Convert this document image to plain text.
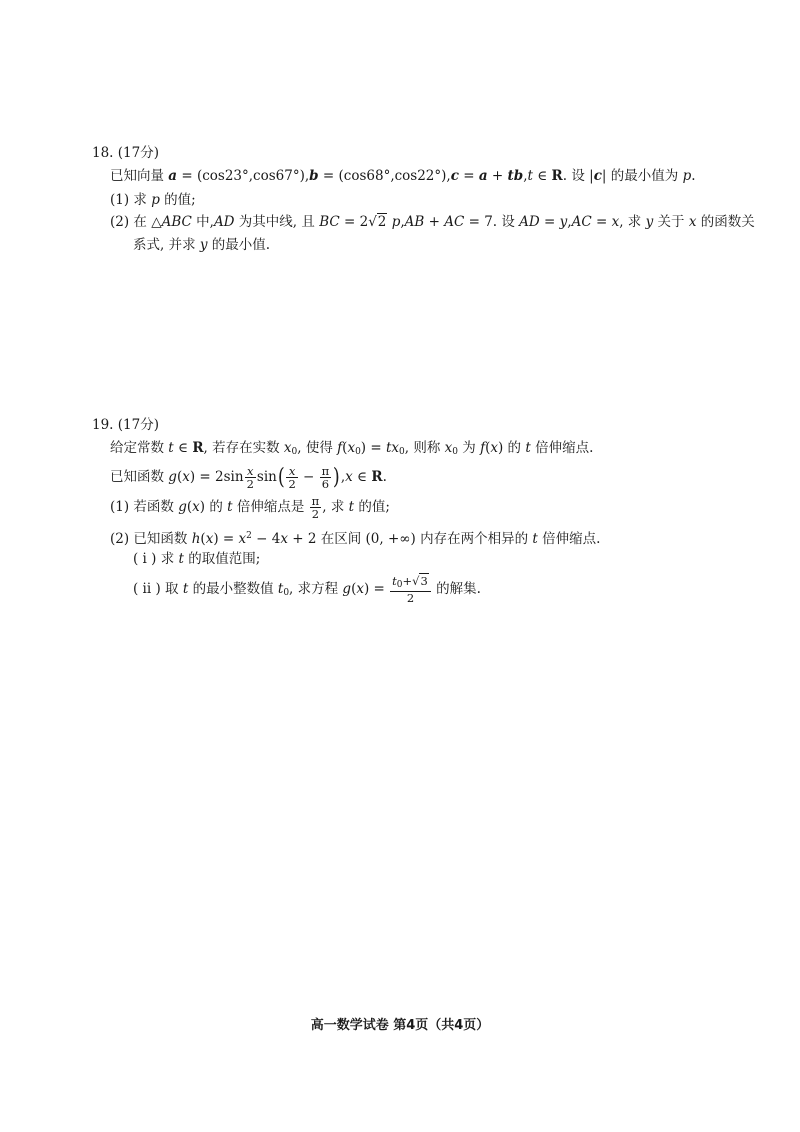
18. (17分)
已知向量 a = (cos23°,cos67°),b = (cos68°,cos22°),c = a + tb,t ∈ R. 设 |c| 的最小值为 p.
(1) 求 p 的值;
(2) 在 △ABC 中,AD 为其中线, 且 BC = 2√2 p,AB + AC = 7. 设 AD = y,AC = x, 求 y 关于 x 的函数关
系式, 并求 y 的最小值.
19. (17分)
给定常数 t ∈ R, 若存在实数 $x_0$, 使得 $f(x_0) = tx_0$, 则称 $x_0$ 为 f(x) 的 t 倍伸缩点.
已知函数 $g(x) = 2\sin \frac{x}{2} \sin( \frac{x}{2} - \frac{\pi}{6} ),x$ ∈ R.
(1) 若函数 g(x) 的 t 倍伸缩点是 $\frac{\pi}{2}$ , 求 t 的值;
(2) 已知函数 $h(x) = x^2 - 4x + 2$ 在区间 (0, +∞) 内存在两个相异的 t 倍伸缩点.
( i ) 求 t 的取值范围;
( ii ) 取 t 的最小整数值 $t_0$, 求方程 $g(x) = \frac{t_0+√3}{2}$ 的解集.
高一数学试卷 第4页（共4页）
